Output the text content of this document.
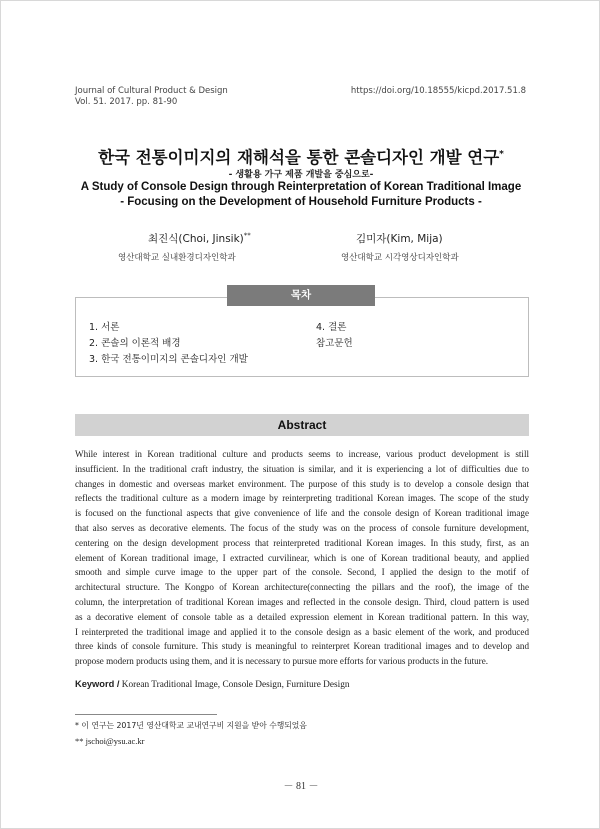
Journal of Cultural Product & Design
Vol. 51. 2017. pp. 81-90
https://doi.org/10.18555/kicpd.2017.51.8
한국 전통이미지의 재해석을 통한 콘솔디자인 개발 연구*
- 생활용 가구 제품 개발을 중심으로-
A Study of Console Design through Reinterpretation of Korean Traditional Image
- Focusing on the Development of Household Furniture Products -
최진식(Choi, Jinsik)**	김미자(Kim, Mija)
영산대학교 실내환경디자인학과	영산대학교 시각영상디자인학과
목차
1. 서론
2. 콘솔의 이론적 배경
3. 한국 전통이미지의 콘솔디자인 개발
4. 결론
참고문헌
Abstract
While interest in Korean traditional culture and products seems to increase, various product development is still
insufficient. In the traditional craft industry, the situation is similar, and it is experiencing a lot of difficulties due to
changes in domestic and overseas market environment. The purpose of this study is to develop a console design that
reflects the traditional culture as a modern image by reinterpreting traditional Korean images. The scope of the study
is focused on the functional aspects that give convenience of life and the console design of Korean traditional image
that also serves as decorative elements. The focus of the study was on the process of console furniture development,
centering on the design development process that reinterpreted traditional Korean images. In this study, first, as an
element of Korean traditional image, I extracted curvilinear, which is one of Korean traditional beauty, and applied
smooth and simple curve image to the upper part of the console. Second, I applied the design to the motif of
architectural structure. The Kongpo of Korean architecture(connecting the pillars and the roof), the image of the
column, the interpretation of traditional Korean images and reflected in the console design. Third, cloud pattern is used
as a decorative element of console table as a detailed expression element in Korean traditional pattern. In this way,
I reinterpreted the traditional image and applied it to the console design as a basic element of the work, and produced
three kinds of console furniture. This study is meaningful to reinterpret Korean traditional images and to develop and
propose modern products using them, and it is necessary to pursue more efforts for various products in the future.
Keyword / Korean Traditional Image, Console Design, Furniture Design
* 이 연구는 2017년 영산대학교 교내연구비 지원을 받아 수행되었음
** jschoi@ysu.ac.kr
－ 81 －
